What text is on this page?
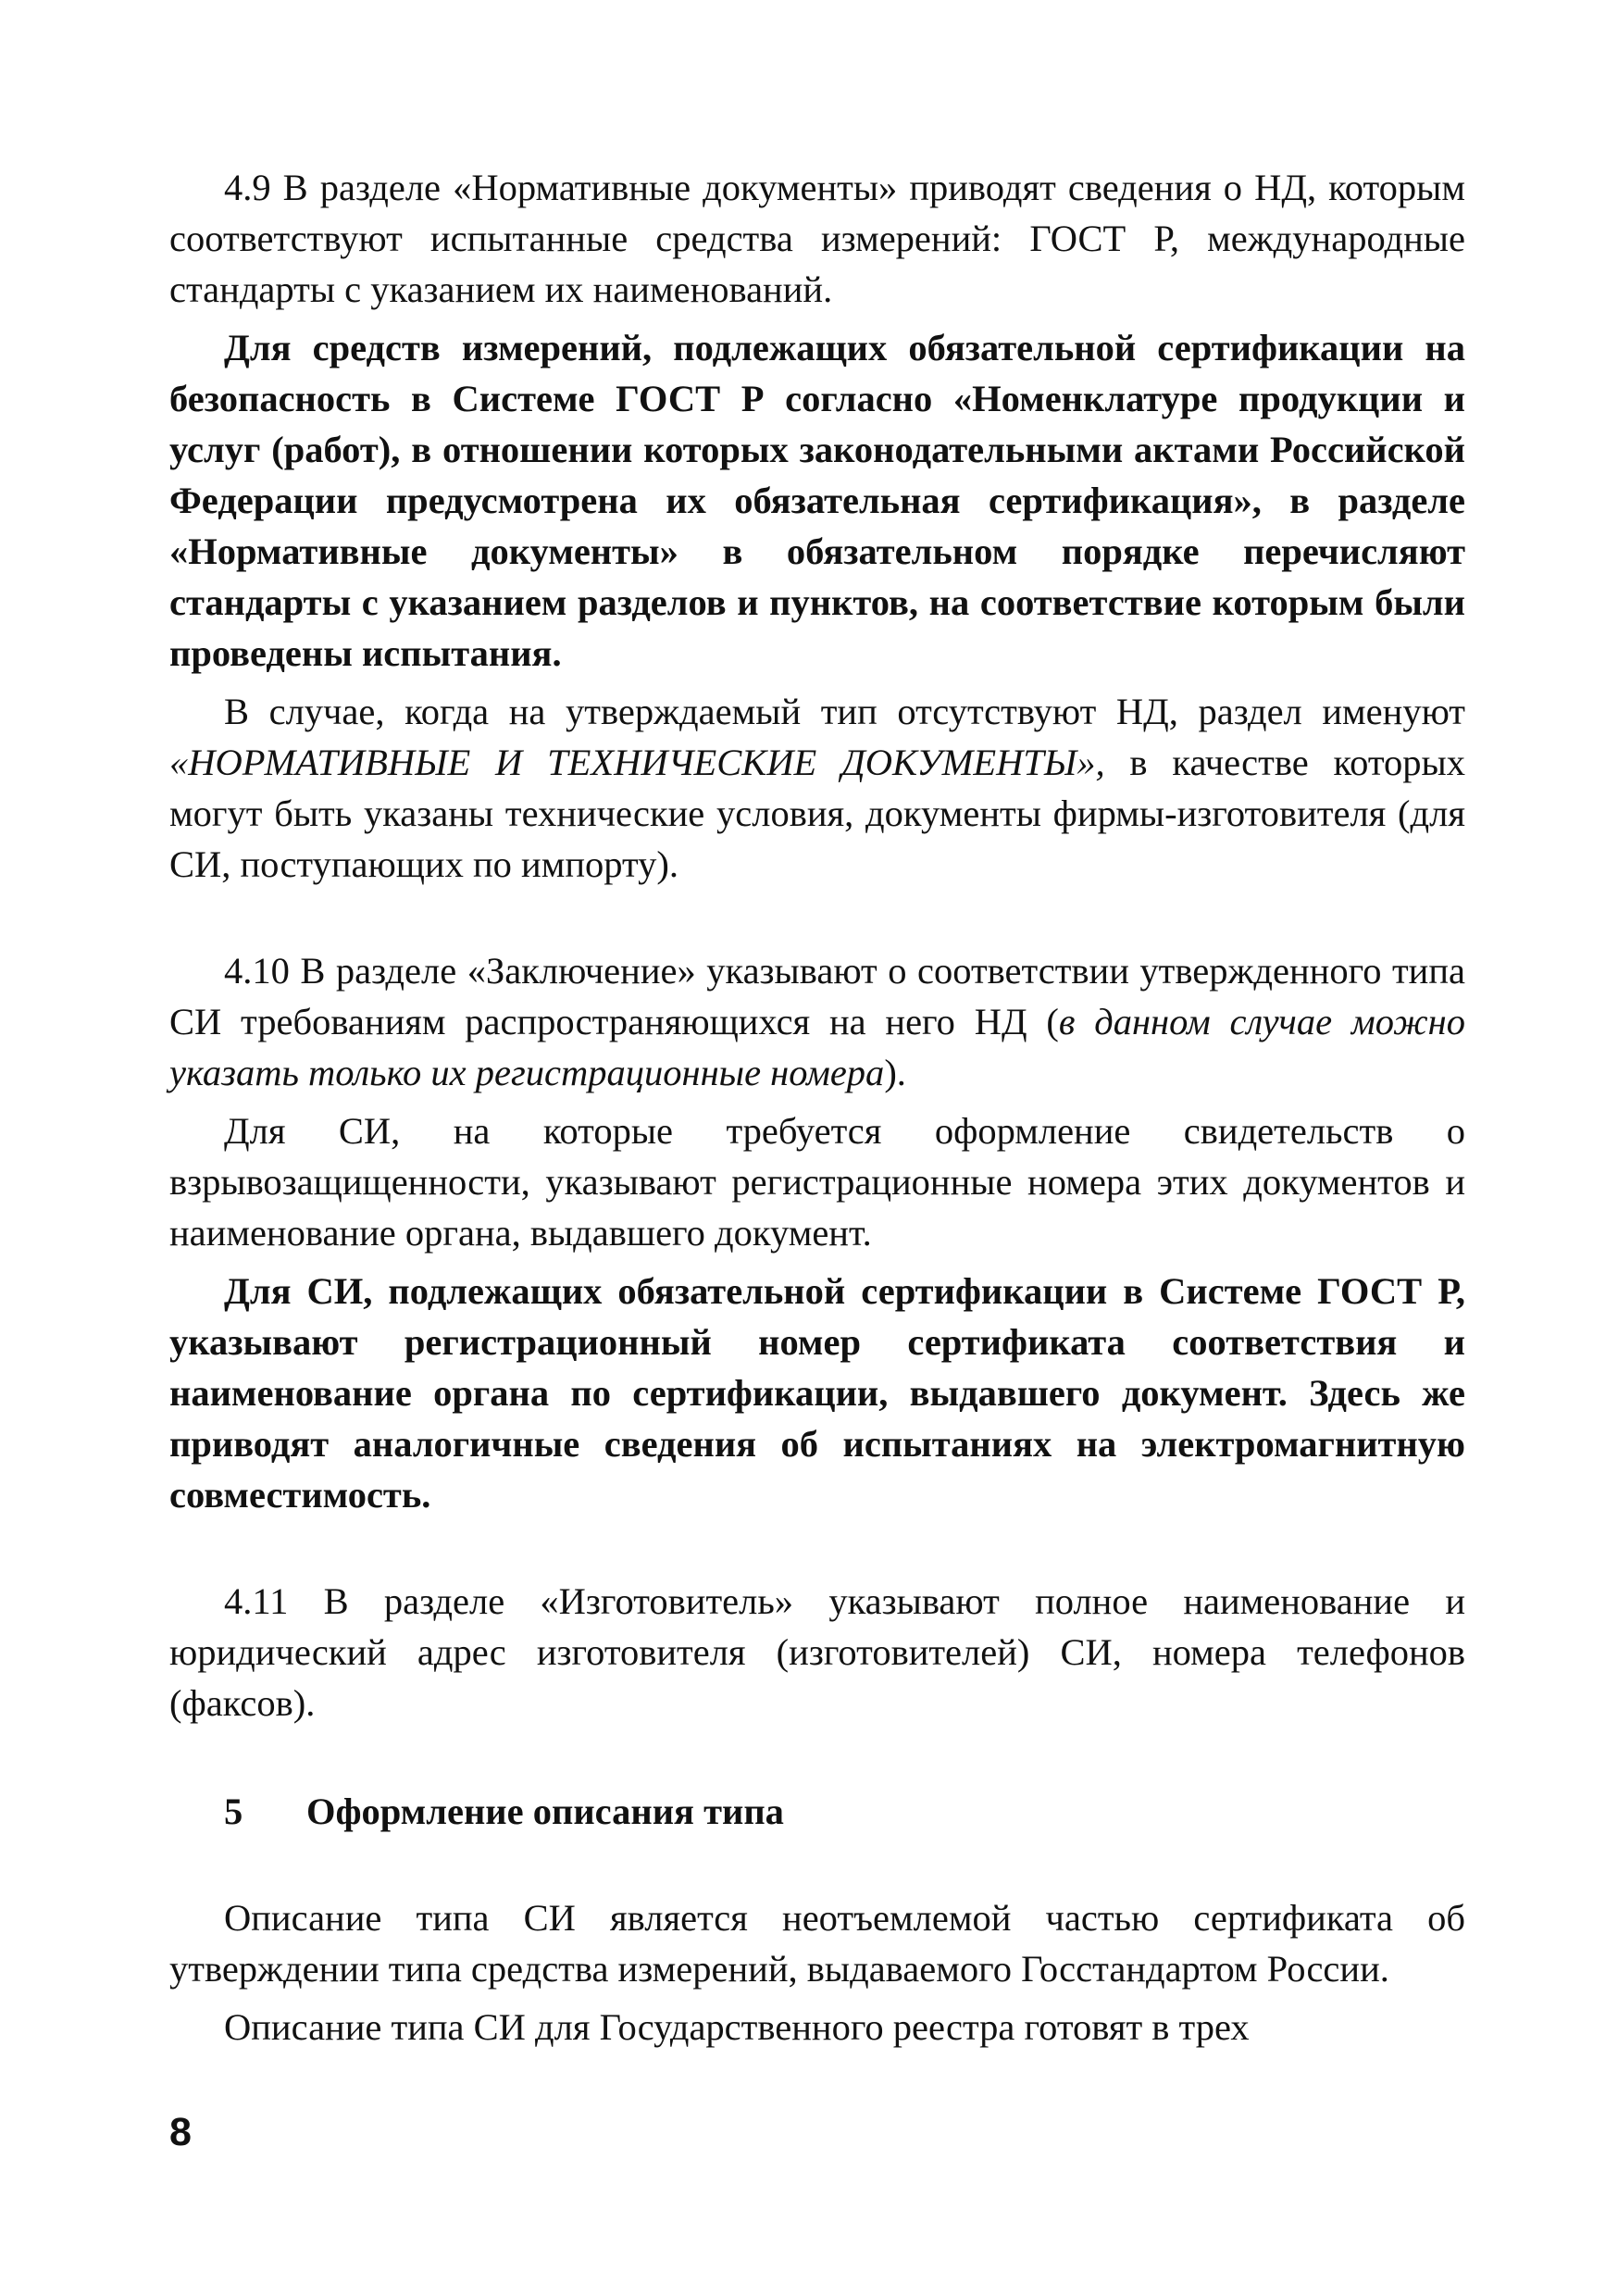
4.9 В разделе «Нормативные документы» приводят сведения о НД, которым соответствуют испытанные средства измерений: ГОСТ Р, международные стандарты с указанием их наименований.

Для средств измерений, подлежащих обязательной сертификации на безопасность в Системе ГОСТ Р согласно «Номенклатуре продукции и услуг (работ), в отношении которых законодательными актами Российской Федерации предусмотрена их обязательная сертификация», в разделе «Нормативные документы» в обязательном порядке перечисляют стандарты с указанием разделов и пунктов, на соответствие которым были проведены испытания.

В случае, когда на утверждаемый тип отсутствуют НД, раздел именуют «НОРМАТИВНЫЕ И ТЕХНИЧЕСКИЕ ДОКУМЕНТЫ», в качестве которых могут быть указаны технические условия, документы фирмы-изготовителя (для СИ, поступающих по импорту).

4.10 В разделе «Заключение» указывают о соответствии утвержденного типа СИ требованиям распространяющихся на него НД (в данном случае можно указать только их регистрационные номера).

Для СИ, на которые требуется оформление свидетельств о взрывозащищенности, указывают регистрационные номера этих документов и наименование органа, выдавшего документ.

Для СИ, подлежащих обязательной сертификации в Системе ГОСТ Р, указывают регистрационный номер сертификата соответствия и наименование органа по сертификации, выдавшего документ. Здесь же приводят аналогичные сведения об испытаниях на электромагнитную совместимость.

4.11 В разделе «Изготовитель» указывают полное наименование и юридический адрес изготовителя (изготовителей) СИ, номера телефонов (факсов).

5	Оформление описания типа

Описание типа СИ является неотъемлемой частью сертификата об утверждении типа средства измерений, выдаваемого Госстандартом России.

Описание типа СИ для Государственного реестра готовят в трех

8
